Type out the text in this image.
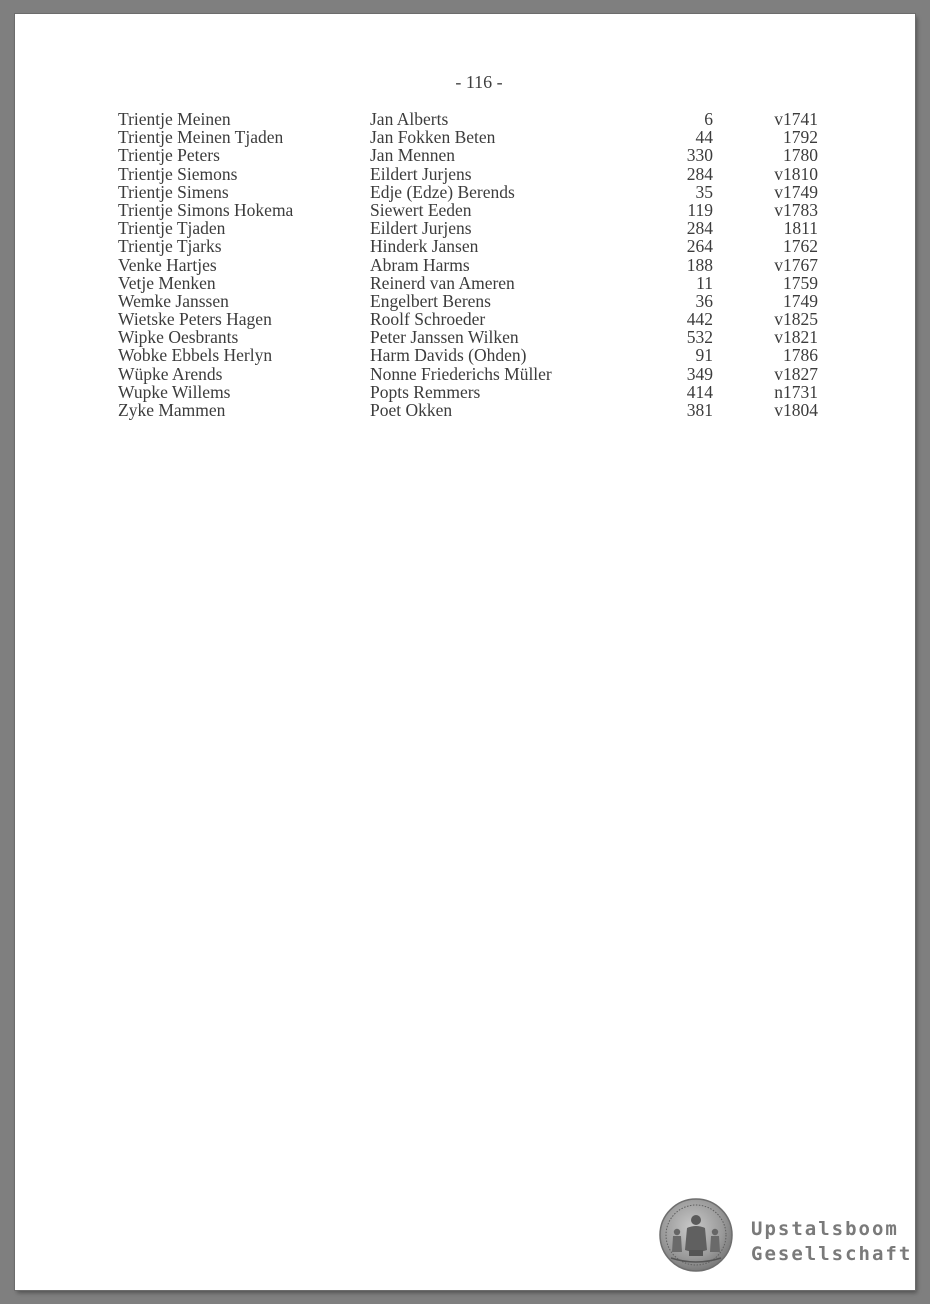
- 116 -
Trientje Meinen	Jan Alberts	6	v1741
Trientje Meinen Tjaden	Jan Fokken Beten	44	1792
Trientje Peters	Jan Mennen	330	1780
Trientje Siemons	Eildert Jurjens	284	v1810
Trientje Simens	Edje (Edze) Berends	35	v1749
Trientje Simons Hokema	Siewert Eeden	119	v1783
Trientje Tjaden	Eildert Jurjens	284	1811
Trientje Tjarks	Hinderk Jansen	264	1762
Venke Hartjes	Abram Harms	188	v1767
Vetje Menken	Reinerd van Ameren	11	1759
Wemke Janssen	Engelbert Berens	36	1749
Wietske Peters Hagen	Roolf Schroeder	442	v1825
Wipke Oesbrants	Peter Janssen Wilken	532	v1821
Wobke Ebbels Herlyn	Harm Davids (Ohden)	91	1786
Wüpke Arends	Nonne Friederichs Müller	349	v1827
Wupke Willems	Popts Remmers	414	n1731
Zyke Mammen	Poet Okken	381	v1804
Upstalsboom
Gesellschaft
